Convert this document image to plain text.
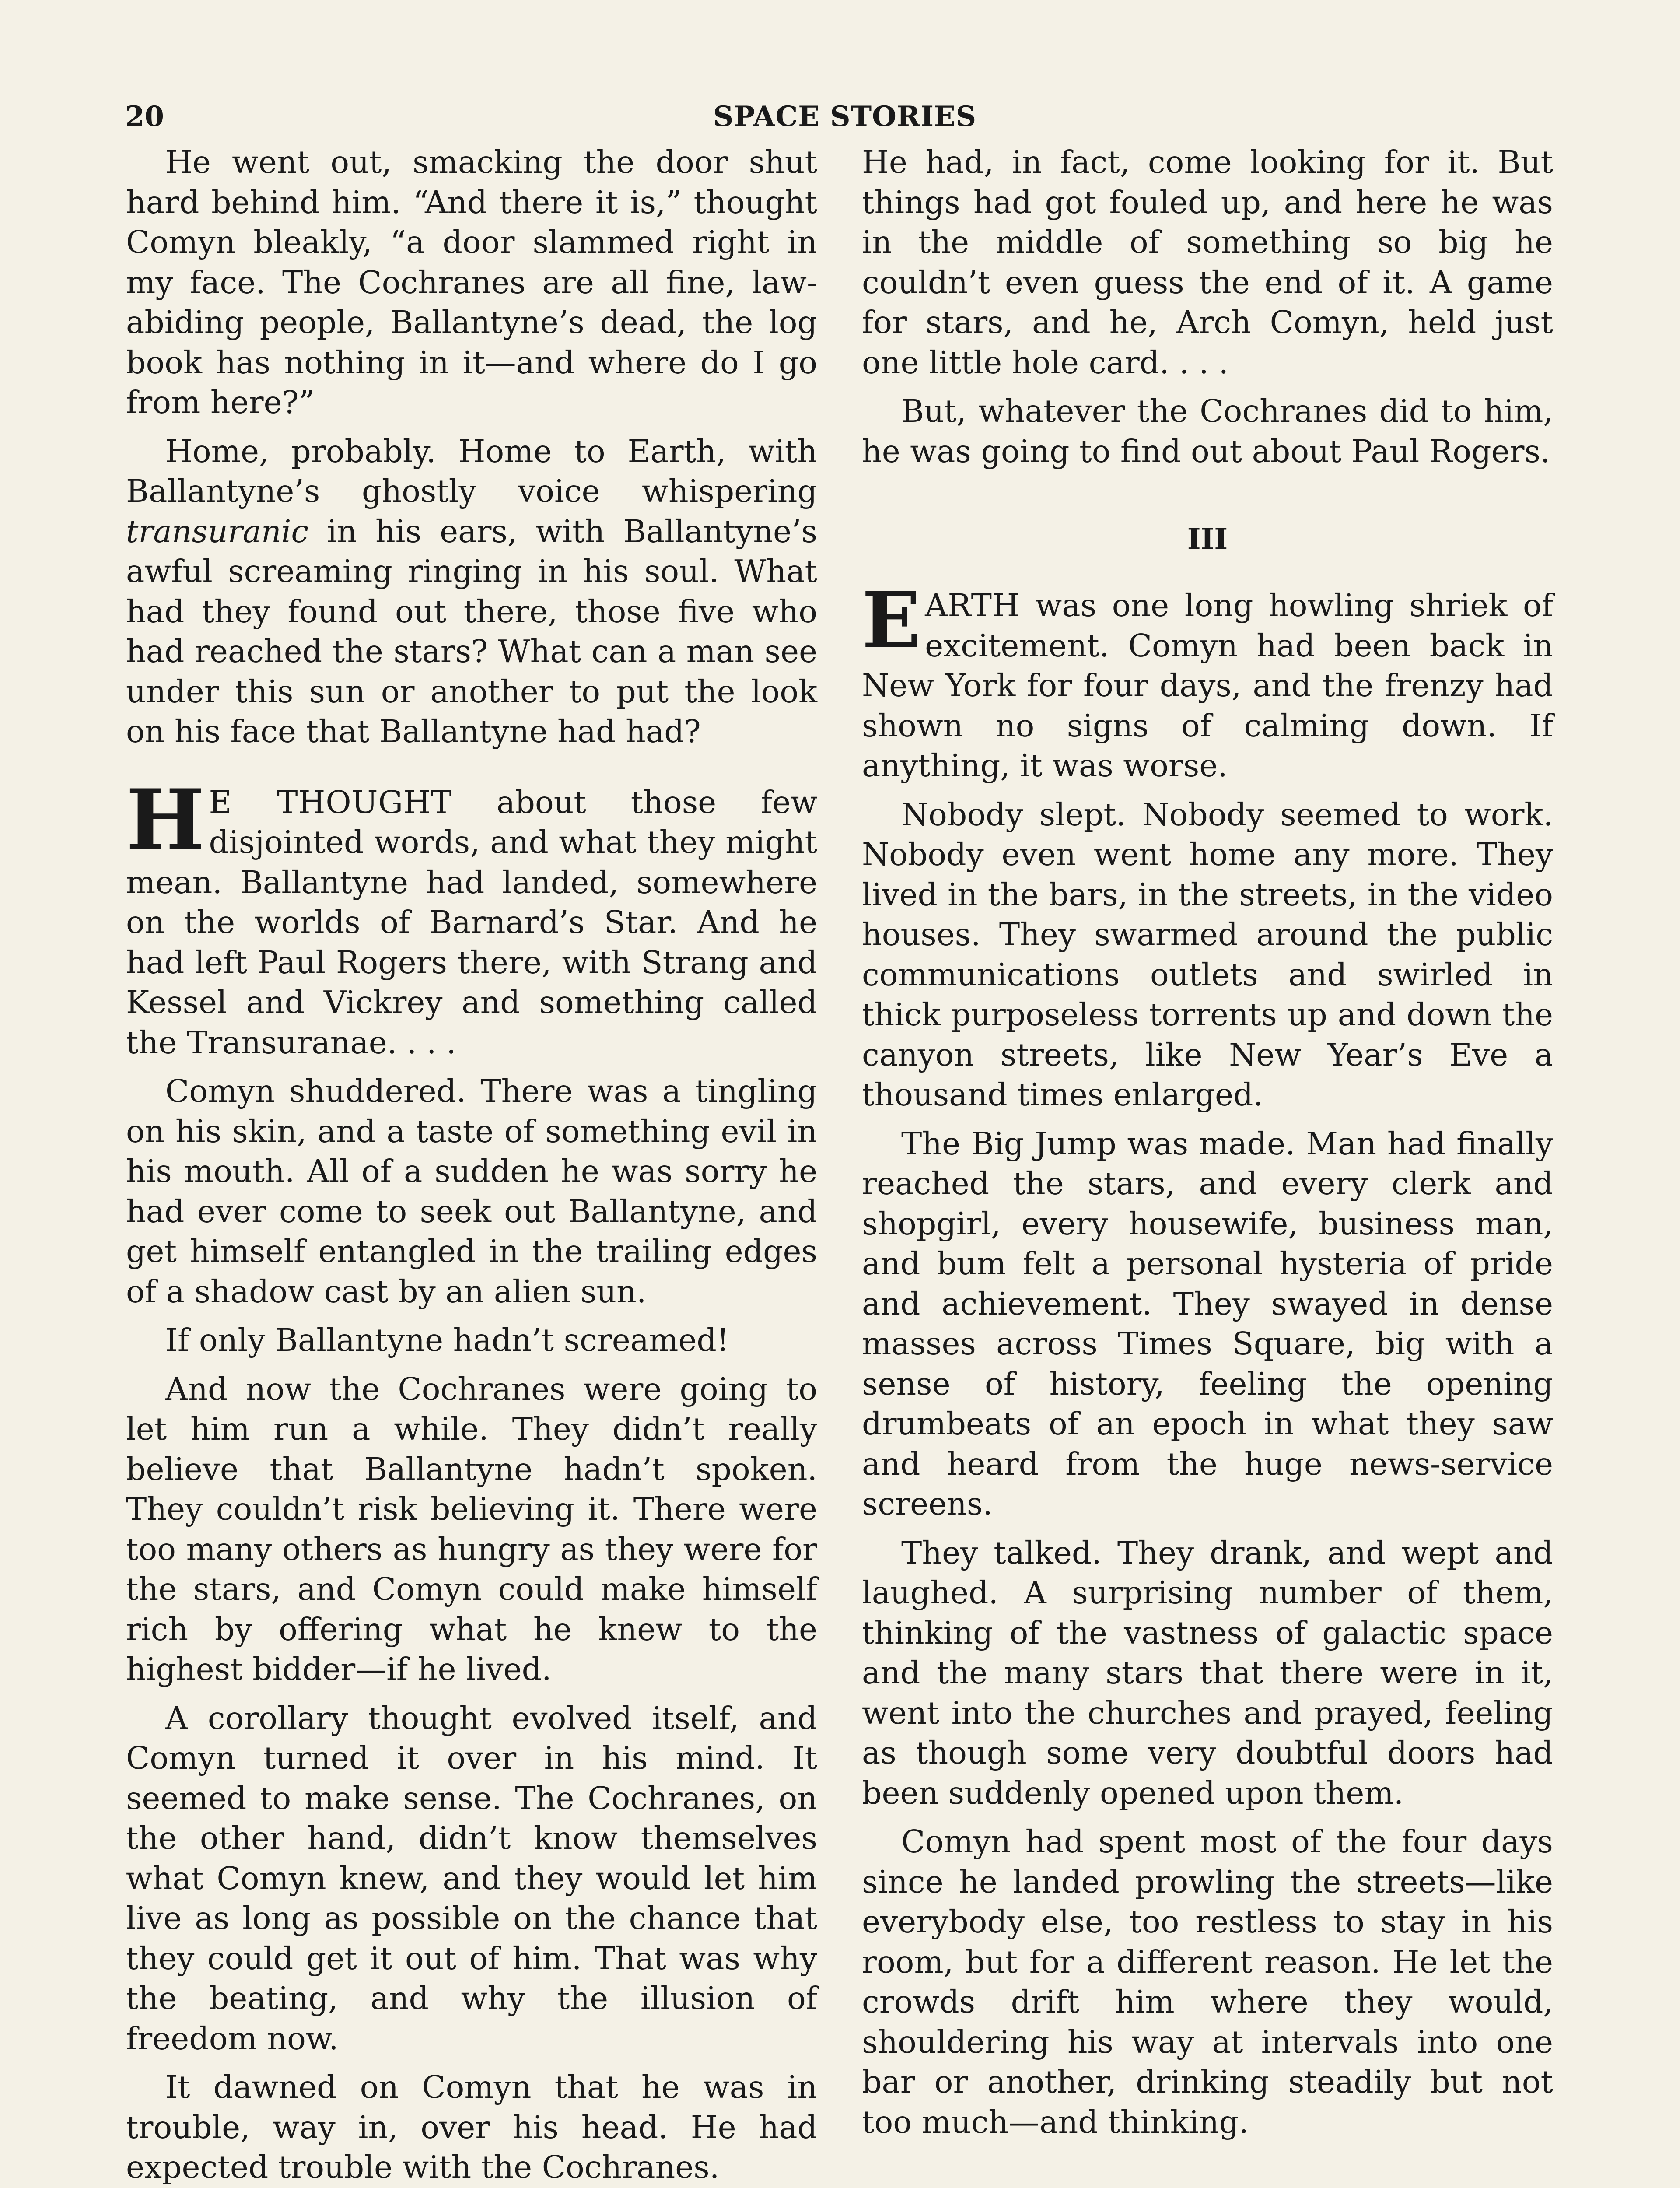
20	SPACE STORIES

He went out, smacking the door shut hard behind him. “And there it is,” thought Comyn bleakly, “a door slammed right in my face. The Cochranes are all fine, law-abiding people, Ballantyne’s dead, the log book has nothing in it—and where do I go from here?”

Home, probably. Home to Earth, with Ballantyne’s ghostly voice whispering transuranic in his ears, with Ballantyne’s awful screaming ringing in his soul. What had they found out there, those five who had reached the stars? What can a man see under this sun or another to put the look on his face that Ballantyne had had?

H E THOUGHT about those few disjointed words, and what they might mean. Ballantyne had landed, somewhere on the worlds of Barnard’s Star. And he had left Paul Rogers there, with Strang and Kessel and Vickrey and something called the Transuranae. . . .

Comyn shuddered. There was a tingling on his skin, and a taste of something evil in his mouth. All of a sudden he was sorry he had ever come to seek out Ballantyne, and get himself entangled in the trailing edges of a shadow cast by an alien sun.

If only Ballantyne hadn’t screamed!

And now the Cochranes were going to let him run a while. They didn’t really believe that Ballantyne hadn’t spoken. They couldn’t risk believing it. There were too many others as hungry as they were for the stars, and Comyn could make himself rich by offering what he knew to the highest bidder—if he lived.

A corollary thought evolved itself, and Comyn turned it over in his mind. It seemed to make sense. The Cochranes, on the other hand, didn’t know themselves what Comyn knew, and they would let him live as long as possible on the chance that they could get it out of him. That was why the beating, and why the illusion of freedom now.

It dawned on Comyn that he was in trouble, way in, over his head. He had expected trouble with the Cochranes.

He had, in fact, come looking for it. But things had got fouled up, and here he was in the middle of something so big he couldn’t even guess the end of it. A game for stars, and he, Arch Comyn, held just one little hole card. . . .

But, whatever the Cochranes did to him, he was going to find out about Paul Rogers.

III

EARTH was one long howling shriek of excitement. Comyn had been back in New York for four days, and the frenzy had shown no signs of calming down. If anything, it was worse.

Nobody slept. Nobody seemed to work. Nobody even went home any more. They lived in the bars, in the streets, in the video houses. They swarmed around the public communications outlets and swirled in thick purposeless torrents up and down the canyon streets, like New Year’s Eve a thousand times enlarged.

The Big Jump was made. Man had finally reached the stars, and every clerk and shopgirl, every housewife, business man, and bum felt a personal hysteria of pride and achievement. They swayed in dense masses across Times Square, big with a sense of history, feeling the opening drumbeats of an epoch in what they saw and heard from the huge news-service screens.

They talked. They drank, and wept and laughed. A surprising number of them, thinking of the vastness of galactic space and the many stars that there were in it, went into the churches and prayed, feeling as though some very doubtful doors had been suddenly opened upon them.

Comyn had spent most of the four days since he landed prowling the streets—like everybody else, too restless to stay in his room, but for a different reason. He let the crowds drift him where they would, shouldering his way at intervals into one bar or another, drinking steadily but not too much—and thinking.
